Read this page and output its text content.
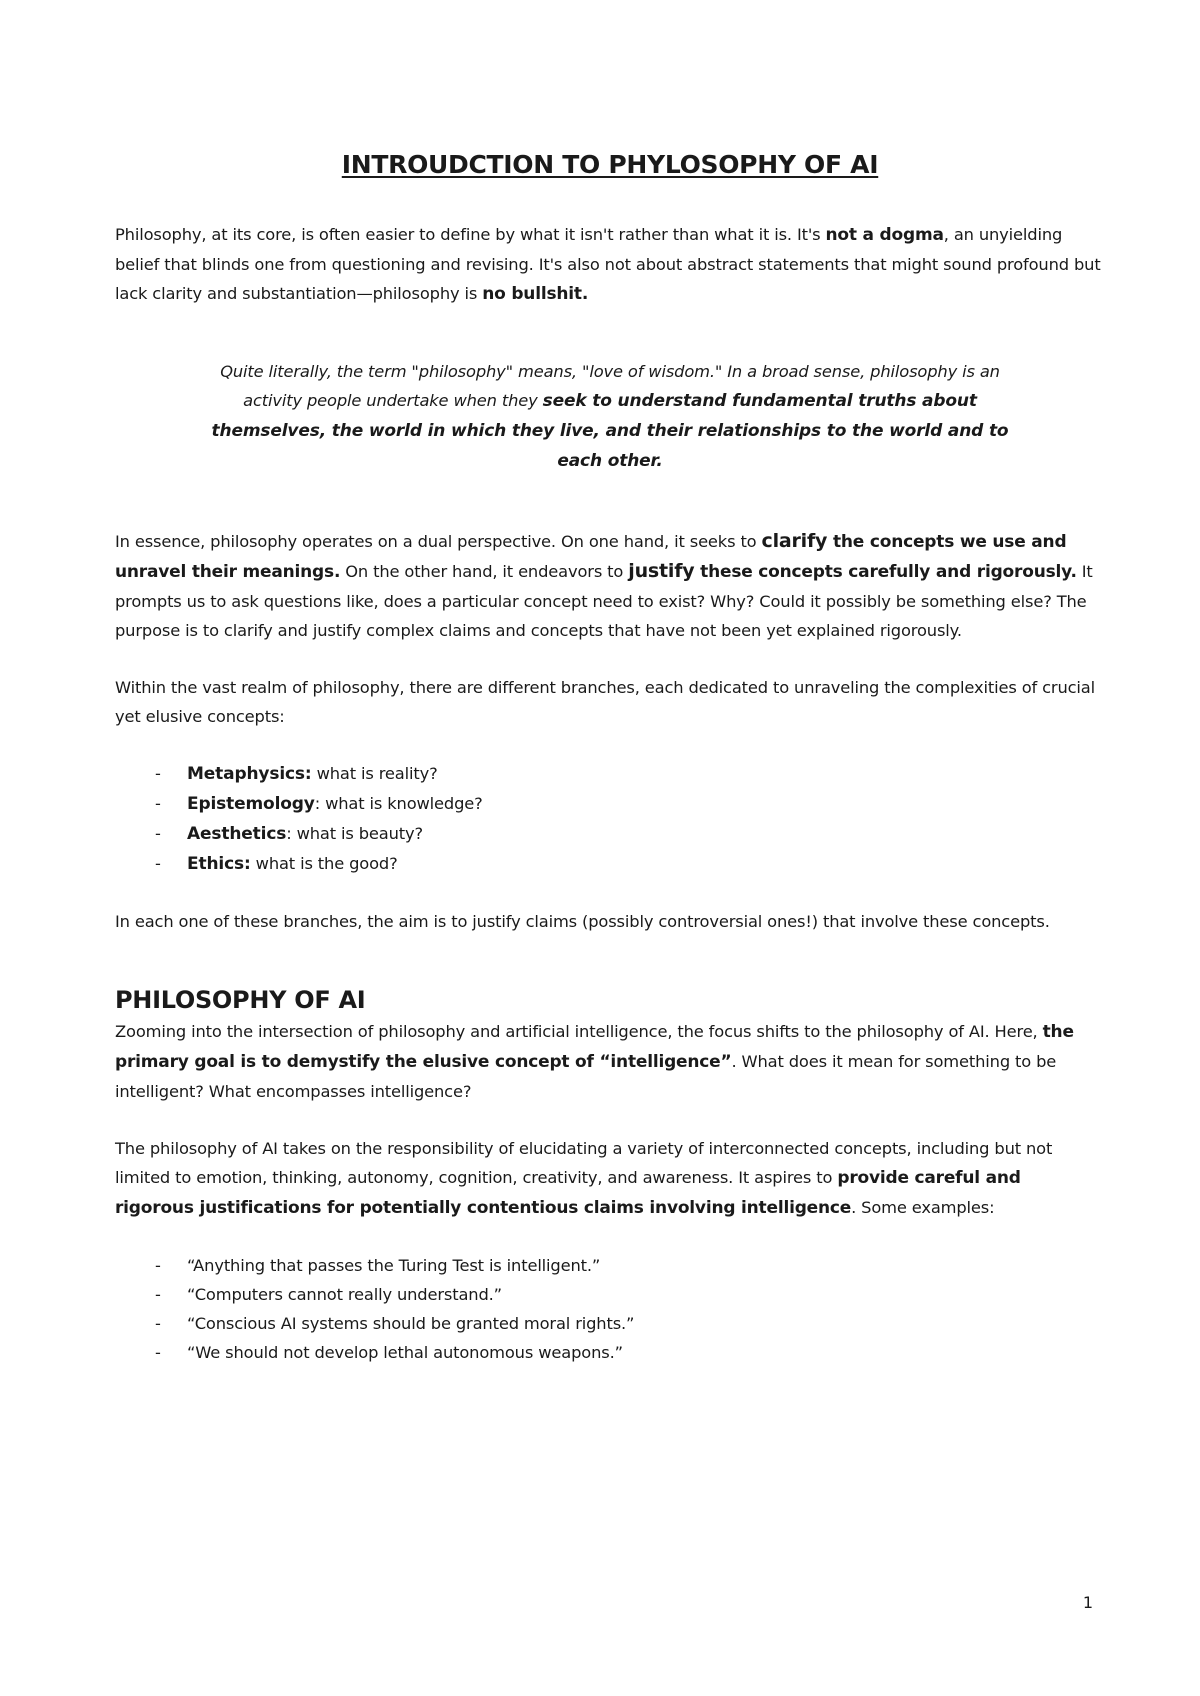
INTROUDCTION TO PHYLOSOPHY OF AI

Philosophy, at its core, is often easier to define by what it isn't rather than what it is. It's not a dogma, an unyielding belief that blinds one from questioning and revising. It's also not about abstract statements that might sound profound but lack clarity and substantiation—philosophy is no bullshit.

Quite literally, the term "philosophy" means, "love of wisdom." In a broad sense, philosophy is an activity people undertake when they seek to understand fundamental truths about themselves, the world in which they live, and their relationships to the world and to each other.

In essence, philosophy operates on a dual perspective. On one hand, it seeks to clarify the concepts we use and unravel their meanings. On the other hand, it endeavors to justify these concepts carefully and rigorously. It prompts us to ask questions like, does a particular concept need to exist? Why? Could it possibly be something else? The purpose is to clarify and justify complex claims and concepts that have not been yet explained rigorously.

Within the vast realm of philosophy, there are different branches, each dedicated to unraveling the complexities of crucial yet elusive concepts:

- Metaphysics: what is reality?
- Epistemology: what is knowledge?
- Aesthetics: what is beauty?
- Ethics: what is the good?

In each one of these branches, the aim is to justify claims (possibly controversial ones!) that involve these concepts.

PHILOSOPHY OF AI

Zooming into the intersection of philosophy and artificial intelligence, the focus shifts to the philosophy of AI. Here, the primary goal is to demystify the elusive concept of “intelligence”. What does it mean for something to be intelligent? What encompasses intelligence?

The philosophy of AI takes on the responsibility of elucidating a variety of interconnected concepts, including but not limited to emotion, thinking, autonomy, cognition, creativity, and awareness. It aspires to provide careful and rigorous justifications for potentially contentious claims involving intelligence. Some examples:

- “Anything that passes the Turing Test is intelligent.”
- “Computers cannot really understand.”
- “Conscious AI systems should be granted moral rights.”
- “We should not develop lethal autonomous weapons.”
1
